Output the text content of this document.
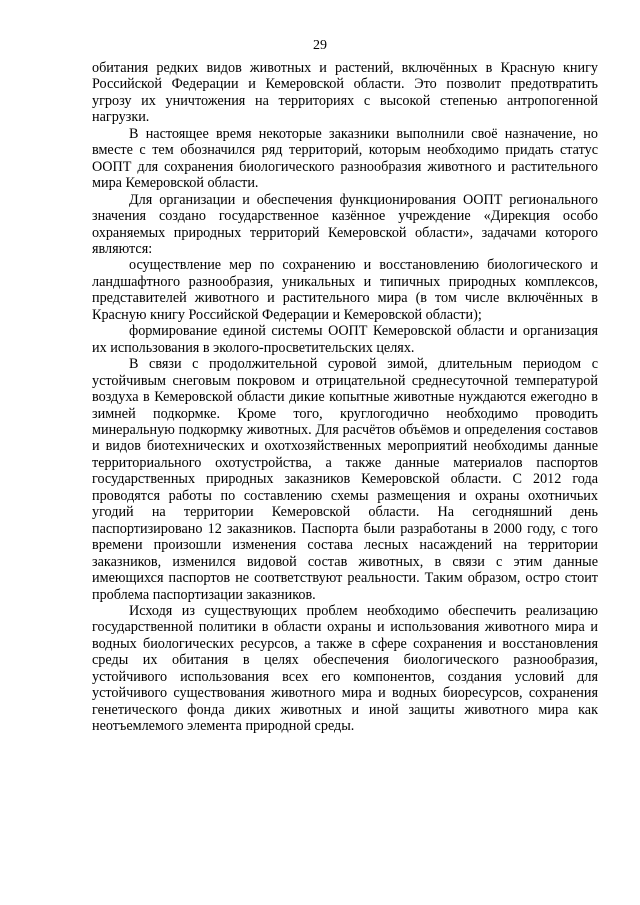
29

обитания редких видов животных и растений, включённых в Красную книгу Российской Федерации и Кемеровской области. Это позволит предотвратить угрозу их уничтожения на территориях с высокой степенью антропогенной нагрузки.

В настоящее время некоторые заказники выполнили своё назначение, но вместе с тем обозначился ряд территорий, которым необходимо придать статус ООПТ для сохранения биологического разнообразия животного и растительного мира Кемеровской области.

Для организации и обеспечения функционирования ООПТ регионального значения создано государственное казённое учреждение «Дирекция особо охраняемых природных территорий Кемеровской области», задачами которого являются:

осуществление мер по сохранению и восстановлению биологического и ландшафтного разнообразия, уникальных и типичных природных комплексов, представителей животного и растительного мира (в том числе включённых в Красную книгу Российской Федерации и Кемеровской области);

формирование единой системы ООПТ Кемеровской области и организация их использования в эколого-просветительских целях.

В связи с продолжительной суровой зимой, длительным периодом с устойчивым снеговым покровом и отрицательной среднесуточной температурой воздуха в Кемеровской области дикие копытные животные нуждаются ежегодно в зимней подкормке. Кроме того, круглогодично необходимо проводить минеральную подкормку животных. Для расчётов объёмов и определения составов и видов биотехнических и охотхозяйственных мероприятий необходимы данные территориального охотустройства, а также данные материалов паспортов государственных природных заказников Кемеровской области. С 2012 года проводятся работы по составлению схемы размещения и охраны охотничьих угодий на территории Кемеровской области. На сегодняшний день паспортизировано 12 заказников. Паспорта были разработаны в 2000 году, с того времени произошли изменения состава лесных насаждений на территории заказников, изменился видовой состав животных, в связи с этим данные имеющихся паспортов не соответствуют реальности. Таким образом, остро стоит проблема паспортизации заказников.

Исходя из существующих проблем необходимо обеспечить реализацию государственной политики в области охраны и использования животного мира и водных биологических ресурсов, а также в сфере сохранения и восстановления среды их обитания в целях обеспечения биологического разнообразия, устойчивого использования всех его компонентов, создания условий для устойчивого существования животного мира и водных биоресурсов, сохранения генетического фонда диких животных и иной защиты животного мира как неотъемлемого элемента природной среды.
